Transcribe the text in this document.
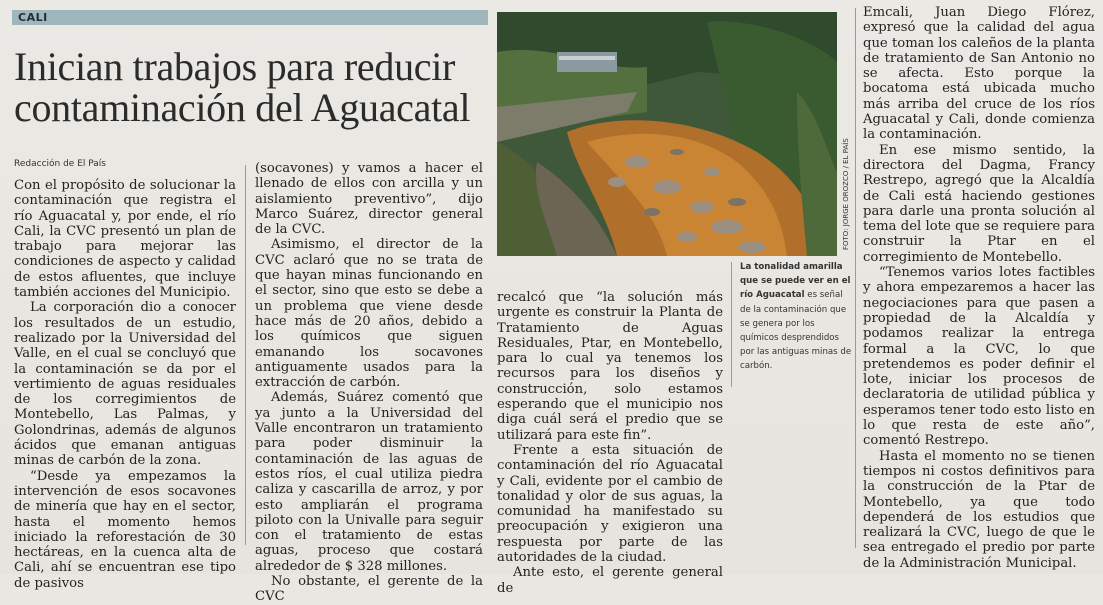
CALI
Inician trabajos para reducir
contaminación del Aguacatal
Redacción de El País

Con el propósito de solucionar la contaminación que registra el río Aguacatal y, por ende, el río Cali, la CVC presentó un plan de trabajo para mejorar las condiciones de aspecto y calidad de estos afluentes, que incluye también acciones del Municipio.

La corporación dio a conocer los resultados de un estudio, realizado por la Universidad del Valle, en el cual se concluyó que la contaminación se da por el vertimiento de aguas residuales de los corregimientos de Montebello, Las Palmas, y Golondrinas, además de algunos ácidos que emanan antiguas minas de carbón de la zona.

“Desde ya empezamos la intervención de esos socavones de minería que hay en el sector, hasta el momento hemos iniciado la reforestación de 30 hectáreas, en la cuenca alta de Cali, ahí se encuentran ese tipo de pasivos

(socavones) y vamos a hacer el llenado de ellos con arcilla y un aislamiento preventivo”, dijo Marco Suárez, director general de la CVC.

Asimismo, el director de la CVC aclaró que no se trata de que hayan minas funcionando en el sector, sino que esto se debe a un problema que viene desde hace más de 20 años, debido a los químicos que siguen emanando los socavones antiguamente usados para la extracción de carbón.

Además, Suárez comentó que ya junto a la Universidad del Valle encontraron un tratamiento para poder disminuir la contaminación de las aguas de estos ríos, el cual utiliza piedra caliza y cascarilla de arroz, y por esto ampliarán el programa piloto con la Univalle para seguir con el tratamiento de estas aguas, proceso que costará alrededor de $ 328 millones.

No obstante, el gerente de la CVC

FOTO: JORGE OROZCO / EL PAÍS
La tonalidad amarilla que se puede ver en el río Aguacatal es señal de la contaminación que se genera por los químicos desprendidos por las antiguas minas de carbón.

recalcó que “la solución más urgente es construir la Planta de Tratamiento de Aguas Residuales, Ptar, en Montebello, para lo cual ya tenemos los recursos para los diseños y construcción, solo estamos esperando que el municipio nos diga cuál será el predio que se utilizará para este fin”.

Frente a esta situación de contaminación del río Aguacatal y Cali, evidente por el cambio de tonalidad y olor de sus aguas, la comunidad ha manifestado su preocupación y exigieron una respuesta por parte de las autoridades de la ciudad.

Ante esto, el gerente general de

Emcali, Juan Diego Flórez, expresó que la calidad del agua que toman los caleños de la planta de tratamiento de San Antonio no se afecta. Esto porque la bocatoma está ubicada mucho más arriba del cruce de los ríos Aguacatal y Cali, donde comienza la contaminación.

En ese mismo sentido, la directora del Dagma, Francy Restrepo, agregó que la Alcaldía de Cali está haciendo gestiones para darle una pronta solución al tema del lote que se requiere para construir la Ptar en el corregimiento de Montebello.

“Tenemos varios lotes factibles y ahora empezaremos a hacer las negociaciones para que pasen a propiedad de la Alcaldía y podamos realizar la entrega formal a la CVC, lo que pretendemos es poder definir el lote, iniciar los procesos de declaratoria de utilidad pública y esperamos tener todo esto listo en lo que resta de este año”, comentó Restrepo.

Hasta el momento no se tienen tiempos ni costos definitivos para la construcción de la Ptar de Montebello, ya que todo dependerá de los estudios que realizará la CVC, luego de que le sea entregado el predio por parte de la Administración Municipal.
